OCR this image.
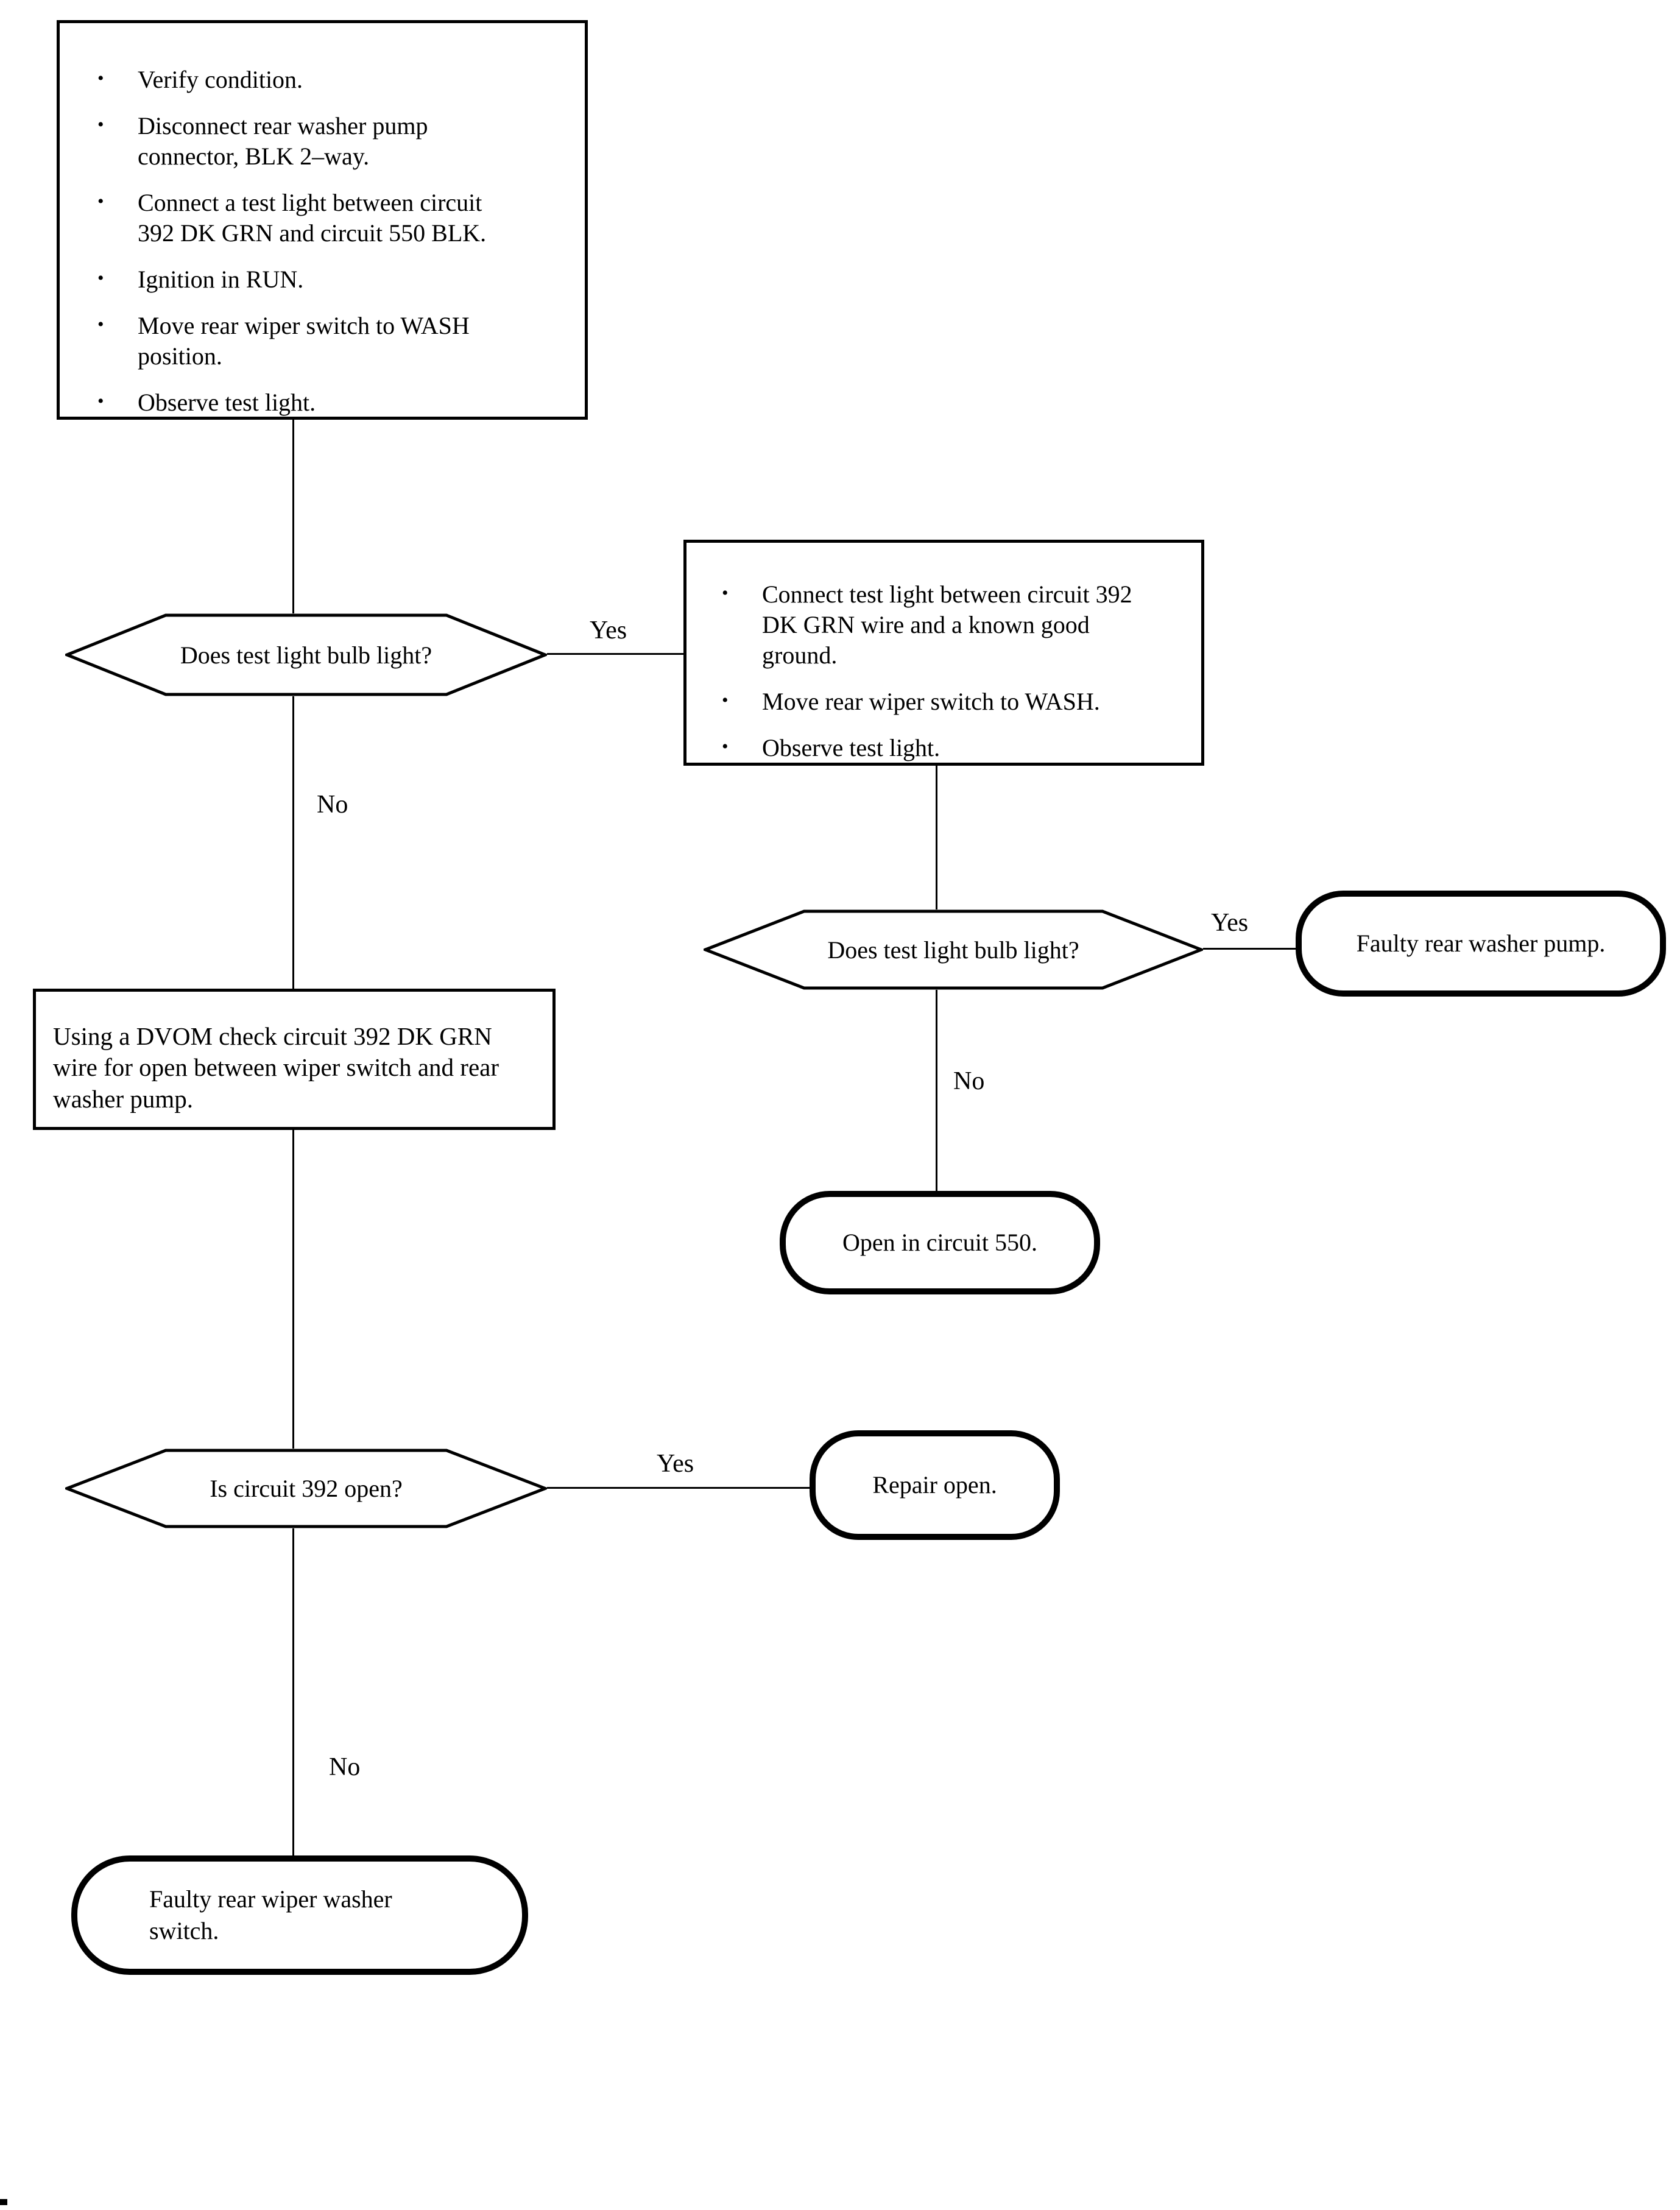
Yes
No
Yes
No
Yes
No
•	Verify condition.
•	Disconnect rear washer pump
connector, BLK 2–way.
•	Connect a test light between circuit
392 DK GRN and circuit 550 BLK.
•	Ignition in RUN.
•	Move rear wiper switch to WASH
position.
•	Observe test light.
Does test light bulb light?
•	Connect test light between circuit 392
DK GRN wire and a known good
ground.
•	Move rear wiper switch to WASH.
•	Observe test light.
Does test light bulb light?	Faulty rear washer pump.
Open in circuit 550.
Using a DVOM check circuit 392 DK GRN
wire for open between wiper switch and rear
washer pump.
Is circuit 392 open?	Repair open.
Faulty rear wiper washer
switch.
